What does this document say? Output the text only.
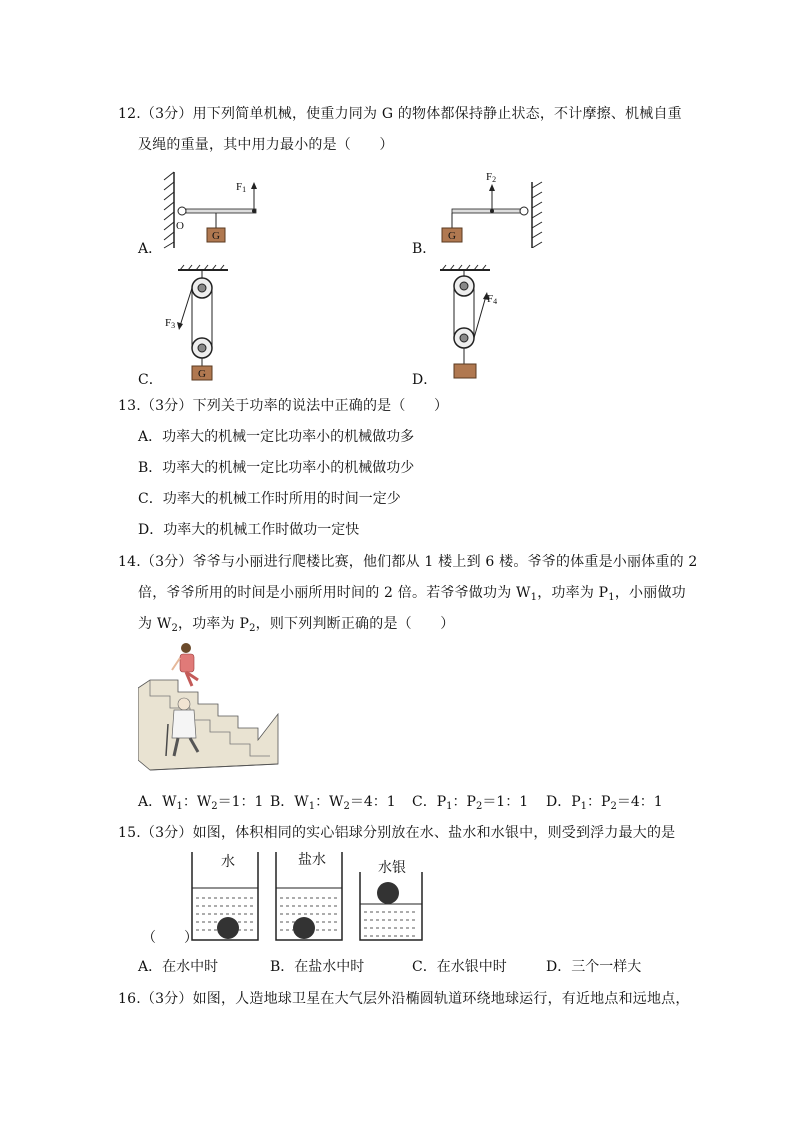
12.（3分）用下列简单机械，使重力同为 G 的物体都保持静止状态，不计摩擦、机械自重
及绳的重量，其中用力最小的是（　　）
A．
G
O
F1
B．
G
F2
C．	G
F3
D．
F4
13.（3分）下列关于功率的说法中正确的是（　　）
A．功率大的机械一定比功率小的机械做功多
B．功率大的机械一定比功率小的机械做功少
C．功率大的机械工作时所用的时间一定少
D．功率大的机械工作时做功一定快
14.（3分）爷爷与小丽进行爬楼比赛，他们都从 1 楼上到 6 楼。爷爷的体重是小丽体重的 2
倍，爷爷所用的时间是小丽所用时间的 2 倍。若爷爷做功为 $W_1$，功率为 $P_1$，小丽做功
为 $W_2$，功率为 $P_2$，则下列判断正确的是（　　）
A．$W_1$：$W_2=1$：1 B．$W_1$：$W_2=4$：1 C．$P_1$：$P_2=1$：1 D．$P_1$：$P_2=4$：1
15.（3分）如图，体积相同的实心铝球分别放在水、盐水和水银中，则受到浮力最大的是
水	盐水
水银
（　　）
A．在水中时	B．在盐水中时	C．在水银中时	D．三个一样大
16.（3分）如图，人造地球卫星在大气层外沿椭圆轨道环绕地球运行，有近地点和远地点，
